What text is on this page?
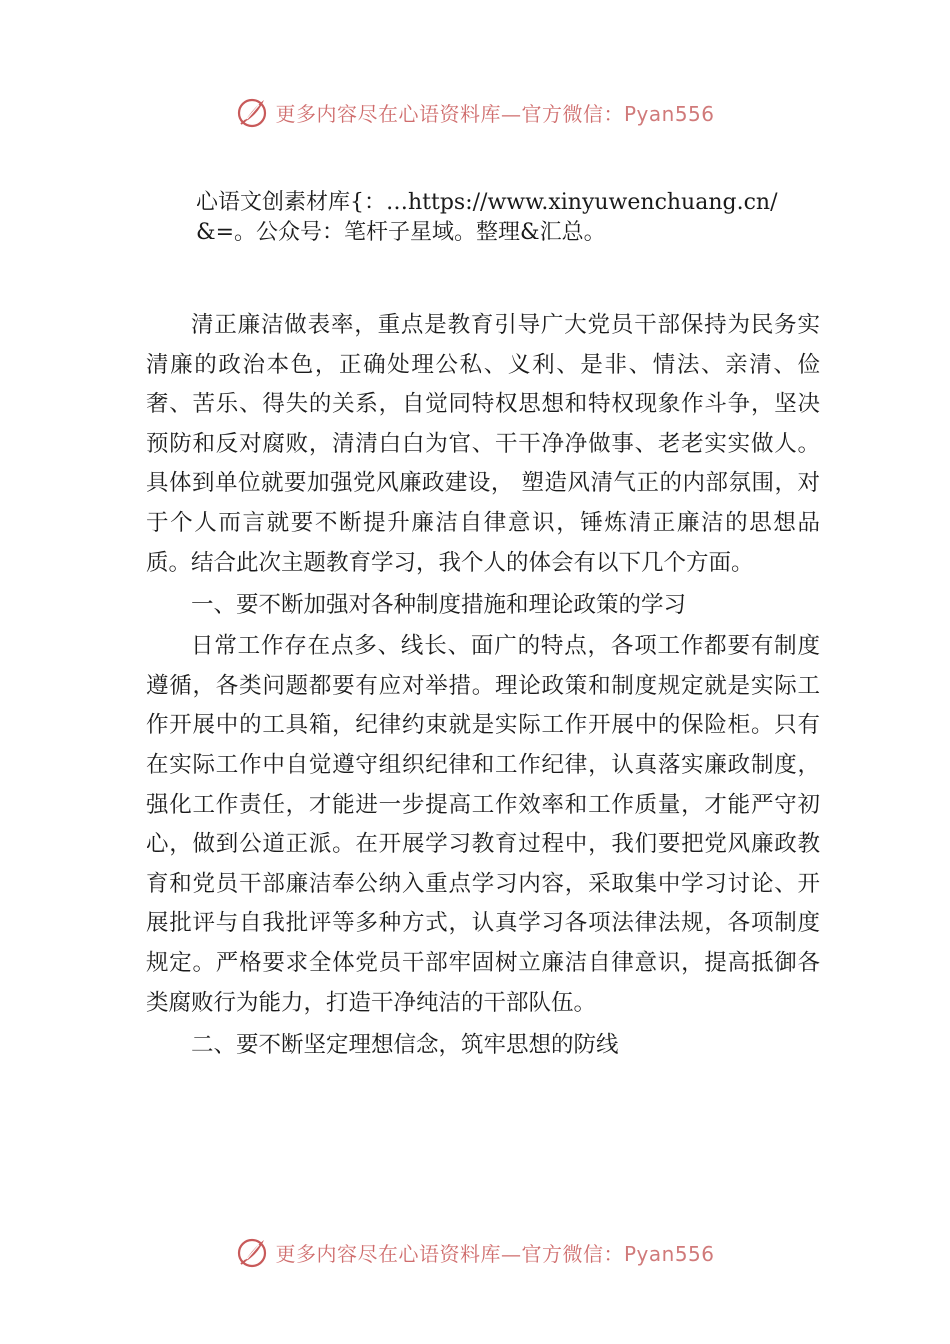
更多内容尽在心语资料库—官方微信：Pyan556
心语文创素材库{：…https://www.xinyuwenchuang.cn/
&=。公众号：笔杆子星域。整理&汇总。

清正廉洁做表率，重点是教育引导广大党员干部保持为民务实清廉的政治本色，正确处理公私、义利、是非、情法、亲清、俭奢、苦乐、得失的关系，自觉同特权思想和特权现象作斗争，坚决预防和反对腐败，清清白白为官、干干净净做事、老老实实做人。具体到单位就要加强党风廉政建设， 塑造风清气正的内部氛围，对于个人而言就要不断提升廉洁自律意识，锤炼清正廉洁的思想品质。结合此次主题教育学习，我个人的体会有以下几个方面。

一、要不断加强对各种制度措施和理论政策的学习

日常工作存在点多、线长、面广的特点，各项工作都要有制度遵循，各类问题都要有应对举措。理论政策和制度规定就是实际工作开展中的工具箱，纪律约束就是实际工作开展中的保险柜。只有在实际工作中自觉遵守组织纪律和工作纪律，认真落实廉政制度，强化工作责任，才能进一步提高工作效率和工作质量，才能严守初心，做到公道正派。在开展学习教育过程中，我们要把党风廉政教育和党员干部廉洁奉公纳入重点学习内容，采取集中学习讨论、开展批评与自我批评等多种方式，认真学习各项法律法规，各项制度规定。严格要求全体党员干部牢固树立廉洁自律意识，提高抵御各类腐败行为能力，打造干净纯洁的干部队伍。

二、要不断坚定理想信念，筑牢思想的防线

更多内容尽在心语资料库—官方微信：Pyan556
